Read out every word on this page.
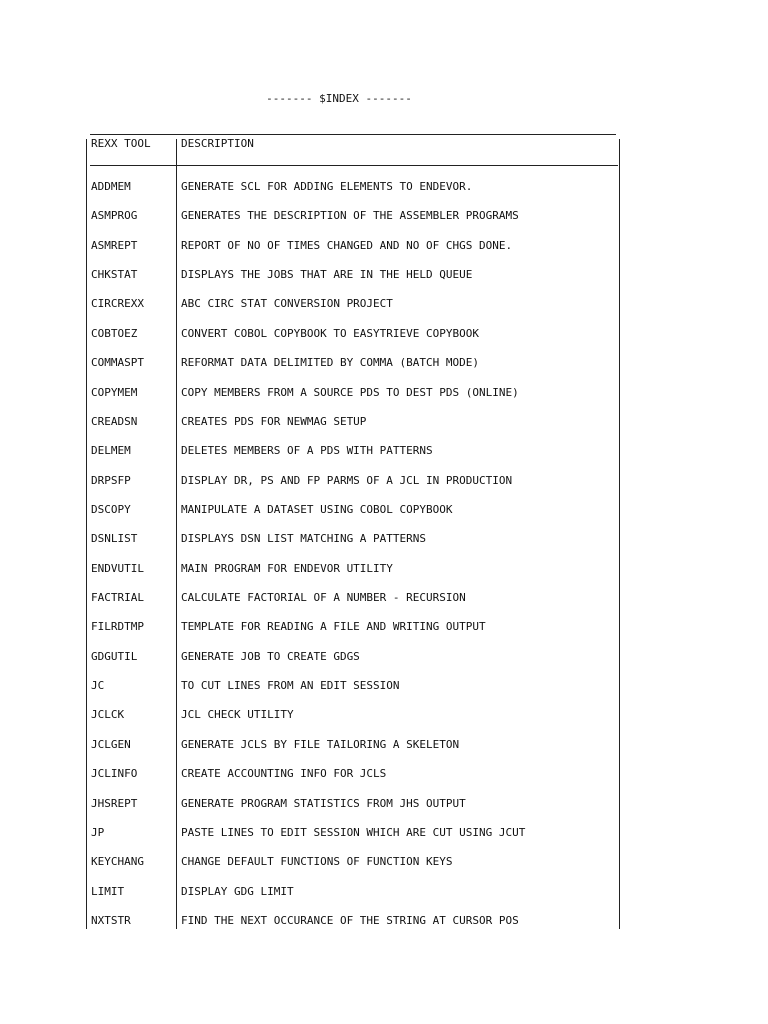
------- $INDEX -------
REXX TOOL	DESCRIPTION
ADDMEM	GENERATE SCL FOR ADDING ELEMENTS TO ENDEVOR.
ASMPROG	GENERATES THE DESCRIPTION OF THE ASSEMBLER PROGRAMS
ASMREPT	REPORT OF NO OF TIMES CHANGED AND NO OF CHGS DONE.
CHKSTAT	DISPLAYS THE JOBS THAT ARE IN THE HELD QUEUE
CIRCREXX	ABC CIRC STAT CONVERSION PROJECT
COBTOEZ	CONVERT COBOL COPYBOOK TO EASYTRIEVE COPYBOOK
COMMASPT	REFORMAT DATA DELIMITED BY COMMA (BATCH MODE)
COPYMEM	COPY MEMBERS FROM A SOURCE PDS TO DEST PDS (ONLINE)
CREADSN	CREATES PDS FOR NEWMAG SETUP
DELMEM	DELETES MEMBERS OF A PDS WITH PATTERNS
DRPSFP	DISPLAY DR, PS AND FP PARMS OF A JCL IN PRODUCTION
DSCOPY	MANIPULATE A DATASET USING COBOL COPYBOOK
DSNLIST	DISPLAYS DSN LIST MATCHING A PATTERNS
ENDVUTIL	MAIN PROGRAM FOR ENDEVOR UTILITY
FACTRIAL	CALCULATE FACTORIAL OF A NUMBER - RECURSION
FILRDTMP	TEMPLATE FOR READING A FILE AND WRITING OUTPUT
GDGUTIL	GENERATE JOB TO CREATE GDGS
JC	TO CUT LINES FROM AN EDIT SESSION
JCLCK	JCL CHECK UTILITY
JCLGEN	GENERATE JCLS BY FILE TAILORING A SKELETON
JCLINFO	CREATE ACCOUNTING INFO FOR JCLS
JHSREPT	GENERATE PROGRAM STATISTICS FROM JHS OUTPUT
JP	PASTE LINES TO EDIT SESSION WHICH ARE CUT USING JCUT
KEYCHANG	CHANGE DEFAULT FUNCTIONS OF FUNCTION KEYS
LIMIT	DISPLAY GDG LIMIT
NXTSTR	FIND THE NEXT OCCURANCE OF THE STRING AT CURSOR POS
